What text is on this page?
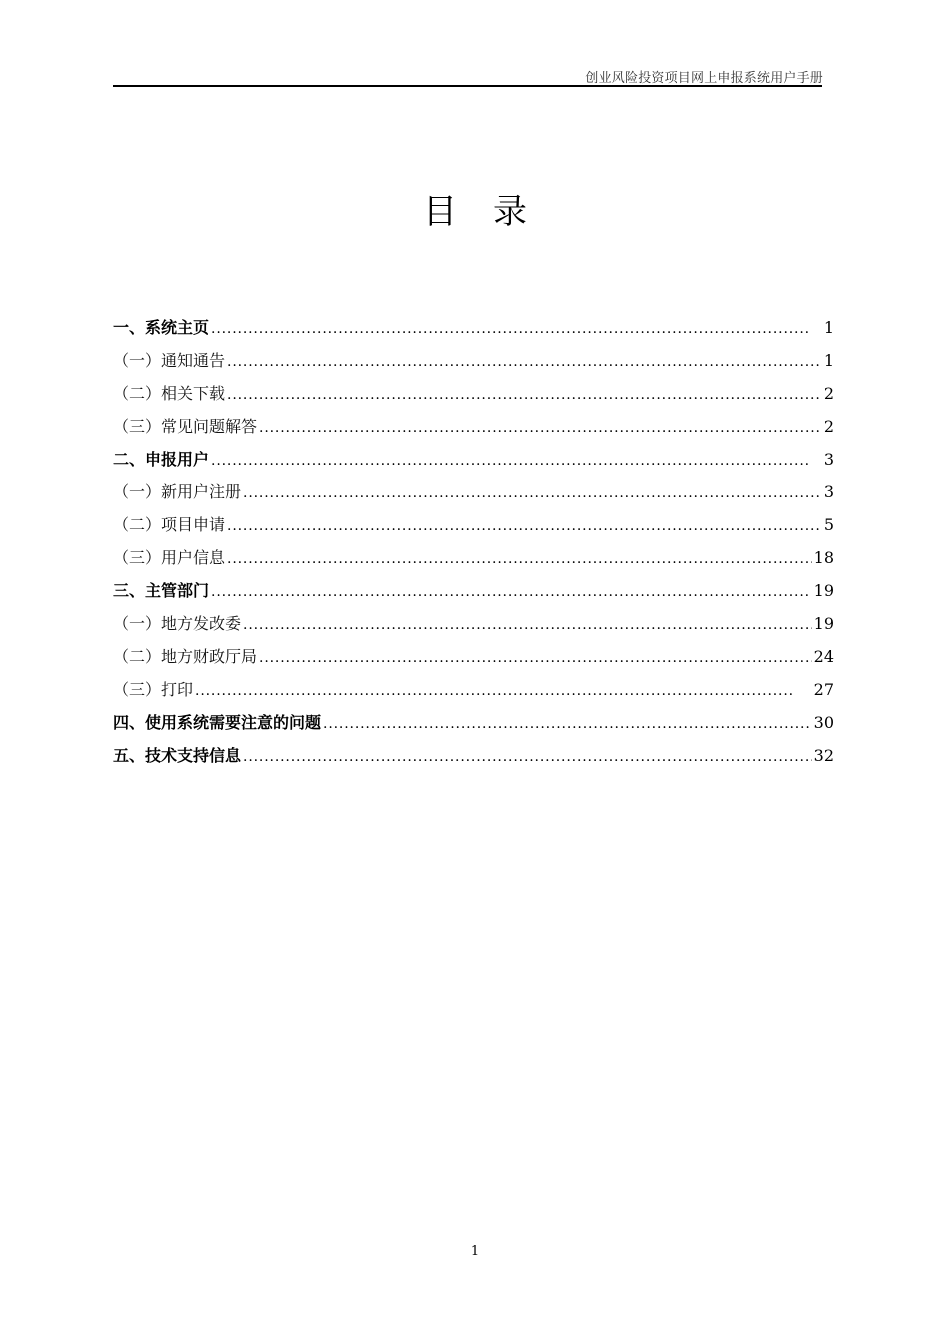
创业风险投资项目网上申报系统用户手册
目 录
一、系统主页 . . .	1
（一）通知通告 . . .	1
（二）相关下载 . . .	2
（三）常见问题解答 . . .	2
二、申报用户 . . .	3
（一）新用户注册 . . .	3
（二）项目申请 . . .	5
（三）用户信息 . . .	18
三、主管部门 . . .	19
（一）地方发改委 . . .	19
（二）地方财政厅局 . . .	24
（三）打印 . . .	27
四、使用系统需要注意的问题 . . .	30
五、技术支持信息 . . .	32
1
